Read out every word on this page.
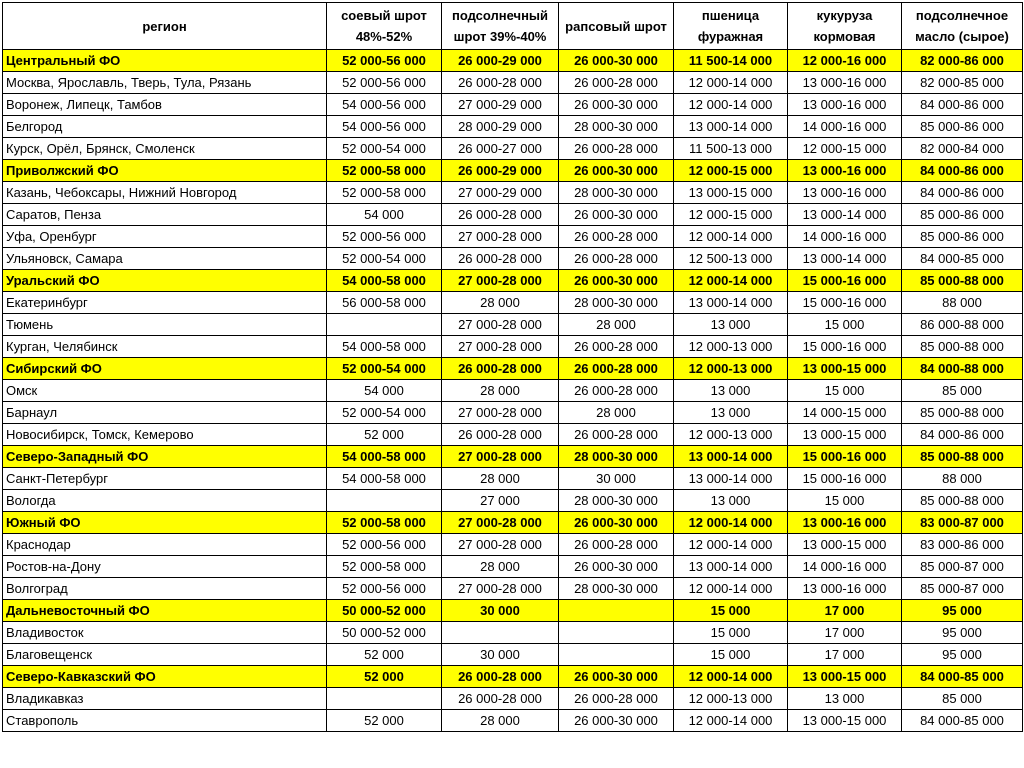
регион	соевый шрот 48%-52%	подсолнечный шрот 39%-40%	рапсовый шрот	пшеница фуражная	кукуруза кормовая	подсолнечное масло (сырое)
Центральный ФО	52 000-56 000	26 000-29 000	26 000-30 000	11 500-14 000	12 000-16 000	82 000-86 000
Москва, Ярославль, Тверь, Тула, Рязань	52 000-56 000	26 000-28 000	26 000-28 000	12 000-14 000	13 000-16 000	82 000-85 000
Воронеж, Липецк, Тамбов	54 000-56 000	27 000-29 000	26 000-30 000	12 000-14 000	13 000-16 000	84 000-86 000
Белгород	54 000-56 000	28 000-29 000	28 000-30 000	13 000-14 000	14 000-16 000	85 000-86 000
Курск, Орёл, Брянск, Смоленск	52 000-54 000	26 000-27 000	26 000-28 000	11 500-13 000	12 000-15 000	82 000-84 000
Приволжский ФО	52 000-58 000	26 000-29 000	26 000-30 000	12 000-15 000	13 000-16 000	84 000-86 000
Казань, Чебоксары, Нижний Новгород	52 000-58 000	27 000-29 000	28 000-30 000	13 000-15 000	13 000-16 000	84 000-86 000
Саратов, Пенза	54 000	26 000-28 000	26 000-30 000	12 000-15 000	13 000-14 000	85 000-86 000
Уфа, Оренбург	52 000-56 000	27 000-28 000	26 000-28 000	12 000-14 000	14 000-16 000	85 000-86 000
Ульяновск, Самара	52 000-54 000	26 000-28 000	26 000-28 000	12 500-13 000	13 000-14 000	84 000-85 000
Уральский ФО	54 000-58 000	27 000-28 000	26 000-30 000	12 000-14 000	15 000-16 000	85 000-88 000
Екатеринбург	56 000-58 000	28 000	28 000-30 000	13 000-14 000	15 000-16 000	88 000
Тюмень		27 000-28 000	28 000	13 000	15 000	86 000-88 000
Курган, Челябинск	54 000-58 000	27 000-28 000	26 000-28 000	12 000-13 000	15 000-16 000	85 000-88 000
Сибирский ФО	52 000-54 000	26 000-28 000	26 000-28 000	12 000-13 000	13 000-15 000	84 000-88 000
Омск	54 000	28 000	26 000-28 000	13 000	15 000	85 000
Барнаул	52 000-54 000	27 000-28 000	28 000	13 000	14 000-15 000	85 000-88 000
Новосибирск, Томск, Кемерово	52 000	26 000-28 000	26 000-28 000	12 000-13 000	13 000-15 000	84 000-86 000
Северо-Западный ФО	54 000-58 000	27 000-28 000	28 000-30 000	13 000-14 000	15 000-16 000	85 000-88 000
Санкт-Петербург	54 000-58 000	28 000	30 000	13 000-14 000	15 000-16 000	88 000
Вологда		27 000	28 000-30 000	13 000	15 000	85 000-88 000
Южный ФО	52 000-58 000	27 000-28 000	26 000-30 000	12 000-14 000	13 000-16 000	83 000-87 000
Краснодар	52 000-56 000	27 000-28 000	26 000-28 000	12 000-14 000	13 000-15 000	83 000-86 000
Ростов-на-Дону	52 000-58 000	28 000	26 000-30 000	13 000-14 000	14 000-16 000	85 000-87 000
Волгоград	52 000-56 000	27 000-28 000	28 000-30 000	12 000-14 000	13 000-16 000	85 000-87 000
Дальневосточный ФО	50 000-52 000	30 000		15 000	17 000	95 000
Владивосток	50 000-52 000			15 000	17 000	95 000
Благовещенск	52 000	30 000		15 000	17 000	95 000
Северо-Кавказский ФО	52 000	26 000-28 000	26 000-30 000	12 000-14 000	13 000-15 000	84 000-85 000
Владикавказ		26 000-28 000	26 000-28 000	12 000-13 000	13 000	85 000
Ставрополь	52 000	28 000	26 000-30 000	12 000-14 000	13 000-15 000	84 000-85 000
